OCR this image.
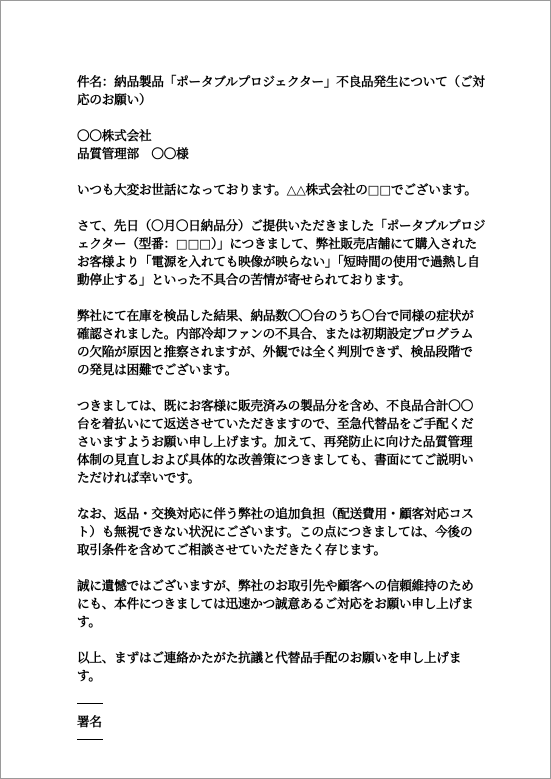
件名：納品製品「ポータブルプロジェクター」不良品発生について（ご対
応のお願い）
〇〇株式会社
品質管理部　〇〇様
いつも大変お世話になっております。△△株式会社の□□でございます。
さて、先日（〇月〇日納品分）ご提供いただきました「ポータブルプロジ
ェクター（型番：□□□）」につきまして、弊社販売店舗にて購入された
お客様より「電源を入れても映像が映らない」「短時間の使用で過熱し自
動停止する」といった不具合の苦情が寄せられております。
弊社にて在庫を検品した結果、納品数〇〇台のうち〇台で同様の症状が
確認されました。内部冷却ファンの不具合、または初期設定プログラム
の欠陥が原因と推察されますが、外観では全く判別できず、検品段階で
の発見は困難でございます。
つきましては、既にお客様に販売済みの製品分を含め、不良品合計〇〇
台を着払いにて返送させていただきますので、至急代替品をご手配くだ
さいますようお願い申し上げます。加えて、再発防止に向けた品質管理
体制の見直しおよび具体的な改善策につきましても、書面にてご説明い
ただければ幸いです。
なお、返品・交換対応に伴う弊社の追加負担（配送費用・顧客対応コス
ト）も無視できない状況にございます。この点につきましては、今後の
取引条件を含めてご相談させていただきたく存じます。
誠に遺憾ではございますが、弊社のお取引先や顧客への信頼維持のため
にも、本件につきましては迅速かつ誠意あるご対応をお願い申し上げま
す。
以上、まずはご連絡かたがた抗議と代替品手配のお願いを申し上げま
す。
署名
